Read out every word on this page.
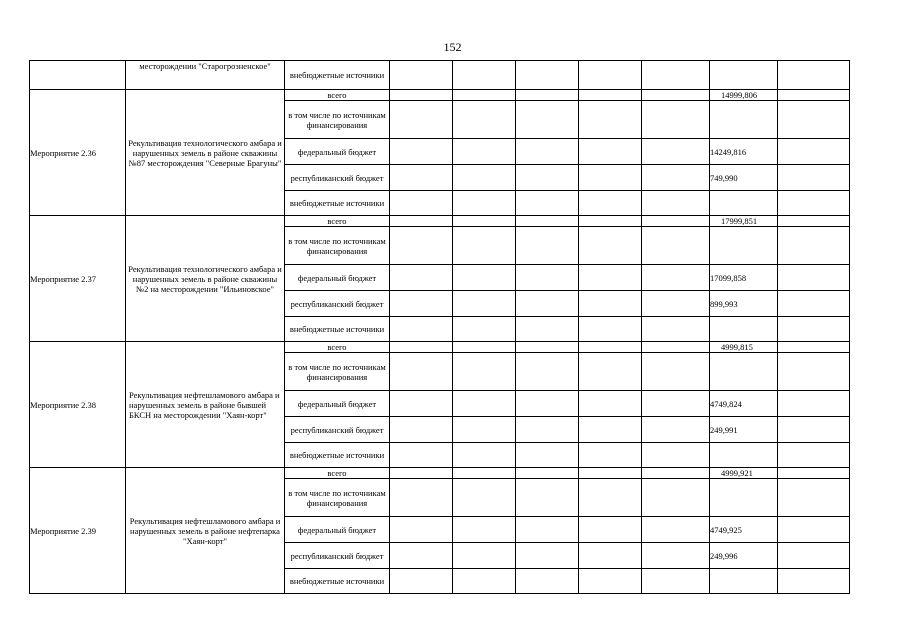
152
	месторождении "Старогрозненское"	внебюджетные источники							
Мероприятие 2.36	Рекультивация технологического амбара и нарушенных земель в районе скважины №87 месторождения "Северные Брагуны"	всего						14999,806	
		в том числе по источникам финансирования							
		федеральный бюджет						14249,816	
		республиканский бюджет						749,990	
		внебюджетные источники							
Мероприятие 2.37	Рекультивация технологического амбара и нарушенных земель в районе скважины №2 на месторождении "Ильиновское"	всего						17999,851	
		в том числе по источникам финансирования							
		федеральный бюджет						17099,858	
		республиканский бюджет						899,993	
		внебюджетные источники							
Мероприятие 2.38	Рекультивация нефтешламового амбара и нарушенных земель в районе бывшей БКСН на месторождении "Хаян-корт"	всего						4999,815	
		в том числе по источникам финансирования							
		федеральный бюджет						4749,824	
		республиканский бюджет						249,991	
		внебюджетные источники							
Мероприятие 2.39	Рекультивация нефтешламового амбара и нарушенных земель в районе нефтепарка "Хаян-корт"	всего						4999,921	
		в том числе по источникам финансирования							
		федеральный бюджет						4749,925	
		республиканский бюджет						249,996	
		внебюджетные источники							
